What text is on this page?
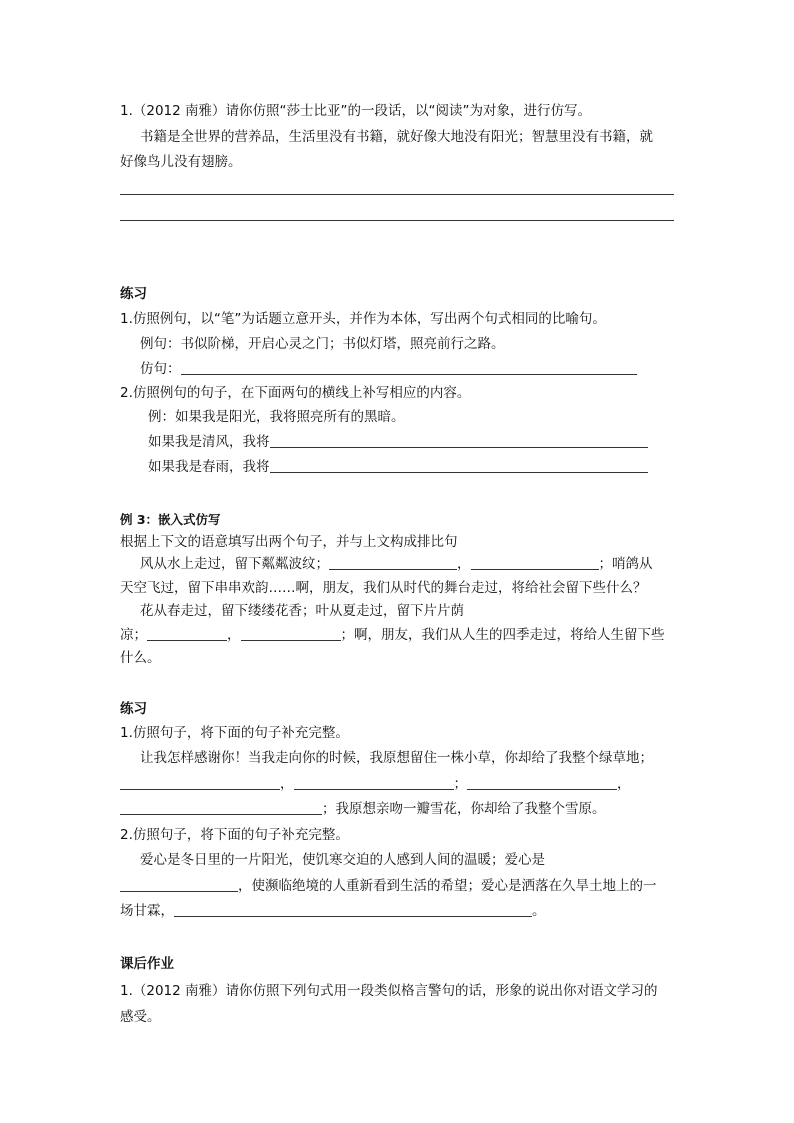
1.（2012 南雅）请你仿照“莎士比亚”的一段话，以“阅读”为对象，进行仿写。
书籍是全世界的营养品，生活里没有书籍，就好像大地没有阳光；智慧里没有书籍，就
好像鸟儿没有翅膀。
练习
1.仿照例句，以“笔”为话题立意开头，并作为本体，写出两个句式相同的比喻句。
例句：书似阶梯，开启心灵之门；书似灯塔，照亮前行之路。
仿句：
2.仿照例句的句子，在下面两句的横线上补写相应的内容。
例：如果我是阳光，我将照亮所有的黑暗。
如果我是清风，我将
如果我是春雨，我将
例 3：嵌入式仿写
根据上下文的语意填写出两个句子，并与上文构成排比句
风从水上走过，留下粼粼波纹；	，	；哨鸽从
天空飞过，留下串串欢韵……啊，朋友，我们从时代的舞台走过，将给社会留下些什么？
花从春走过，留下缕缕花香；叶从夏走过，留下片片荫
凉；	，	；啊，朋友，我们从人生的四季走过，将给人生留下些
什么。
练习
1.仿照句子，将下面的句子补充完整。
让我怎样感谢你！当我走向你的时候，我原想留住一株小草，你却给了我整个绿草地；
，	；	，
；我原想亲吻一瓣雪花，你却给了我整个雪原。
2.仿照句子，将下面的句子补充完整。
爱心是冬日里的一片阳光，使饥寒交迫的人感到人间的温暖；爱心是
，使濒临绝境的人重新看到生活的希望；爱心是洒落在久旱土地上的一
场甘霖，	。
课后作业
1.（2012 南雅）请你仿照下列句式用一段类似格言警句的话，形象的说出你对语文学习的
感受。
